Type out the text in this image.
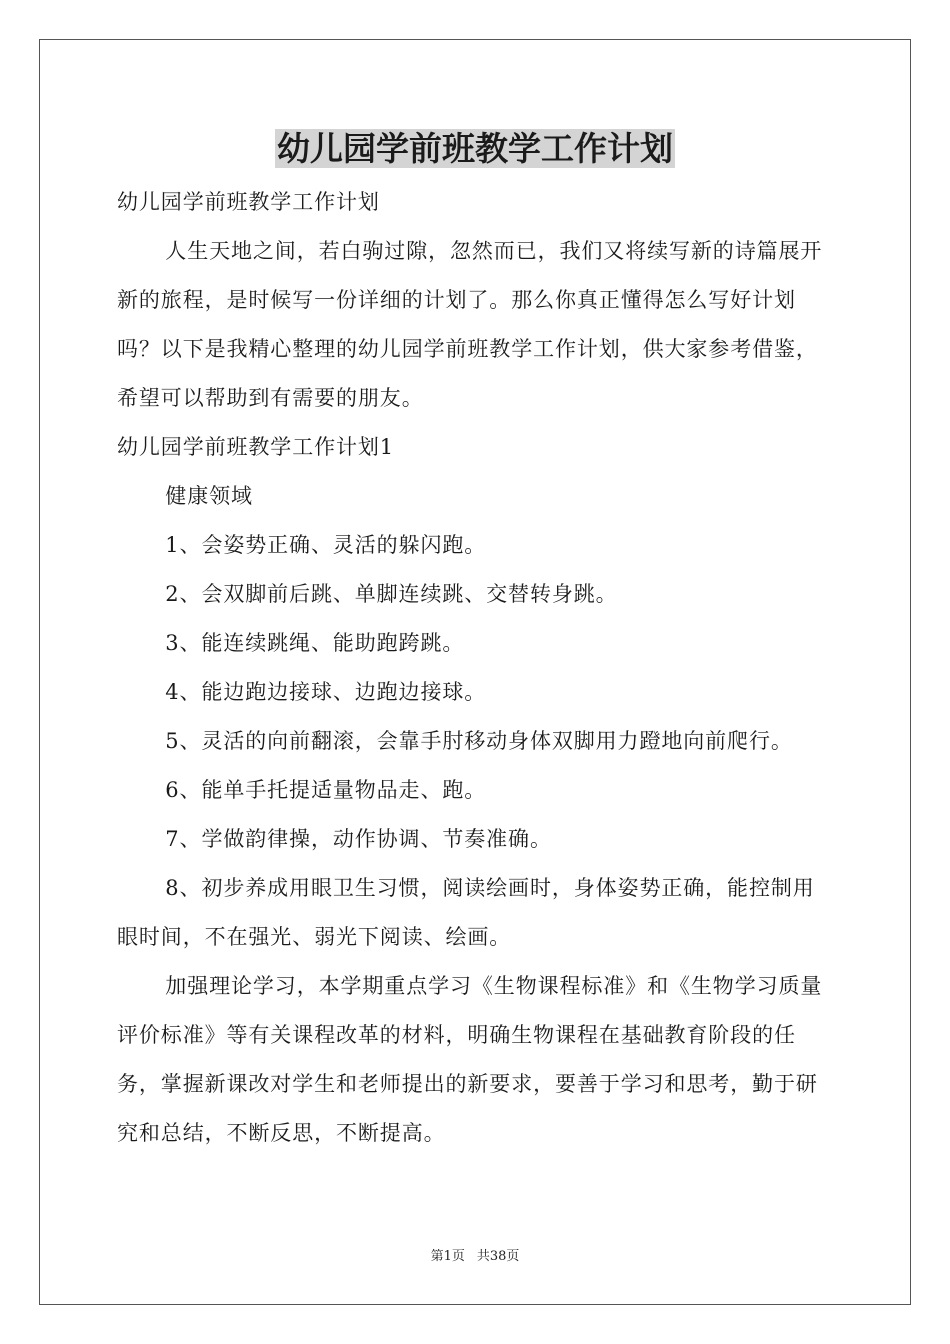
幼儿园学前班教学工作计划

幼儿园学前班教学工作计划

人生天地之间，若白驹过隙，忽然而已，我们又将续写新的诗篇展开新的旅程，是时候写一份详细的计划了。那么你真正懂得怎么写好计划吗？以下是我精心整理的幼儿园学前班教学工作计划，供大家参考借鉴，希望可以帮助到有需要的朋友。

幼儿园学前班教学工作计划1

健康领域

1、会姿势正确、灵活的躲闪跑。

2、会双脚前后跳、单脚连续跳、交替转身跳。

3、能连续跳绳、能助跑跨跳。

4、能边跑边接球、边跑边接球。

5、灵活的向前翻滚，会靠手肘移动身体双脚用力蹬地向前爬行。

6、能单手托提适量物品走、跑。

7、学做韵律操，动作协调、节奏准确。

8、初步养成用眼卫生习惯，阅读绘画时，身体姿势正确，能控制用眼时间，不在强光、弱光下阅读、绘画。

加强理论学习，本学期重点学习《生物课程标准》和《生物学习质量评价标准》等有关课程改革的材料，明确生物课程在基础教育阶段的任务，掌握新课改对学生和老师提出的新要求，要善于学习和思考，勤于研究和总结，不断反思，不断提高。

第1页 共38页
